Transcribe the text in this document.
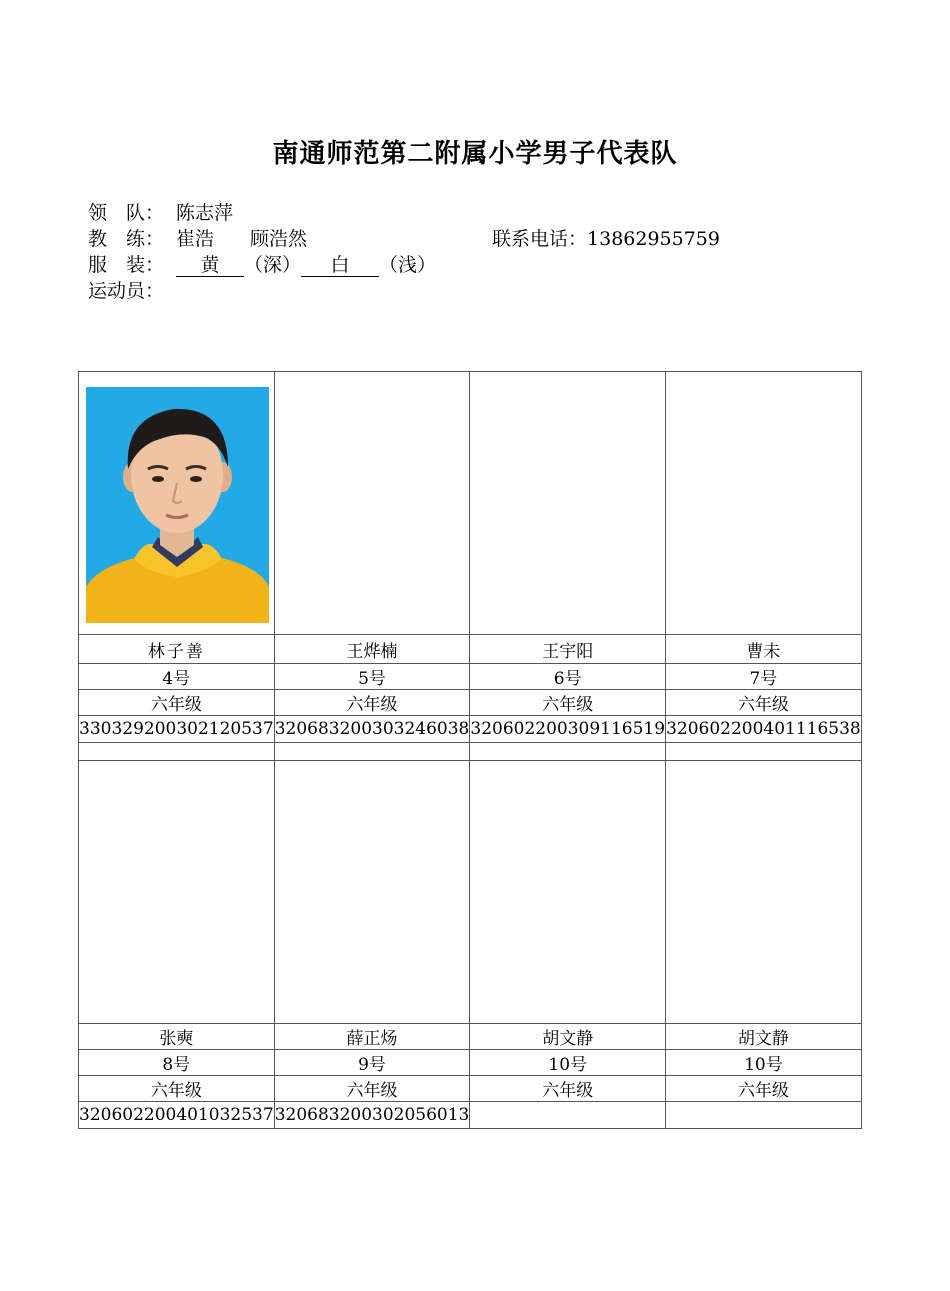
南通师范第二附属小学男子代表队
领　队： 陈志萍
教　练： 崔浩 顾浩然	联系电话：13862955759
服　装： 黄 （深） 白 （浅）
运动员：

林子善	王烨楠	王宇阳	曹未
4号	5号	6号	7号
六年级	六年级	六年级	六年级
330329200302120537	320683200303246038	320602200309116519	320602200401116538

张奭	薛正炀	胡文静	胡文静
8号	9号	10号	10号
六年级	六年级	六年级	六年级
320602200401032537	320683200302056013		
